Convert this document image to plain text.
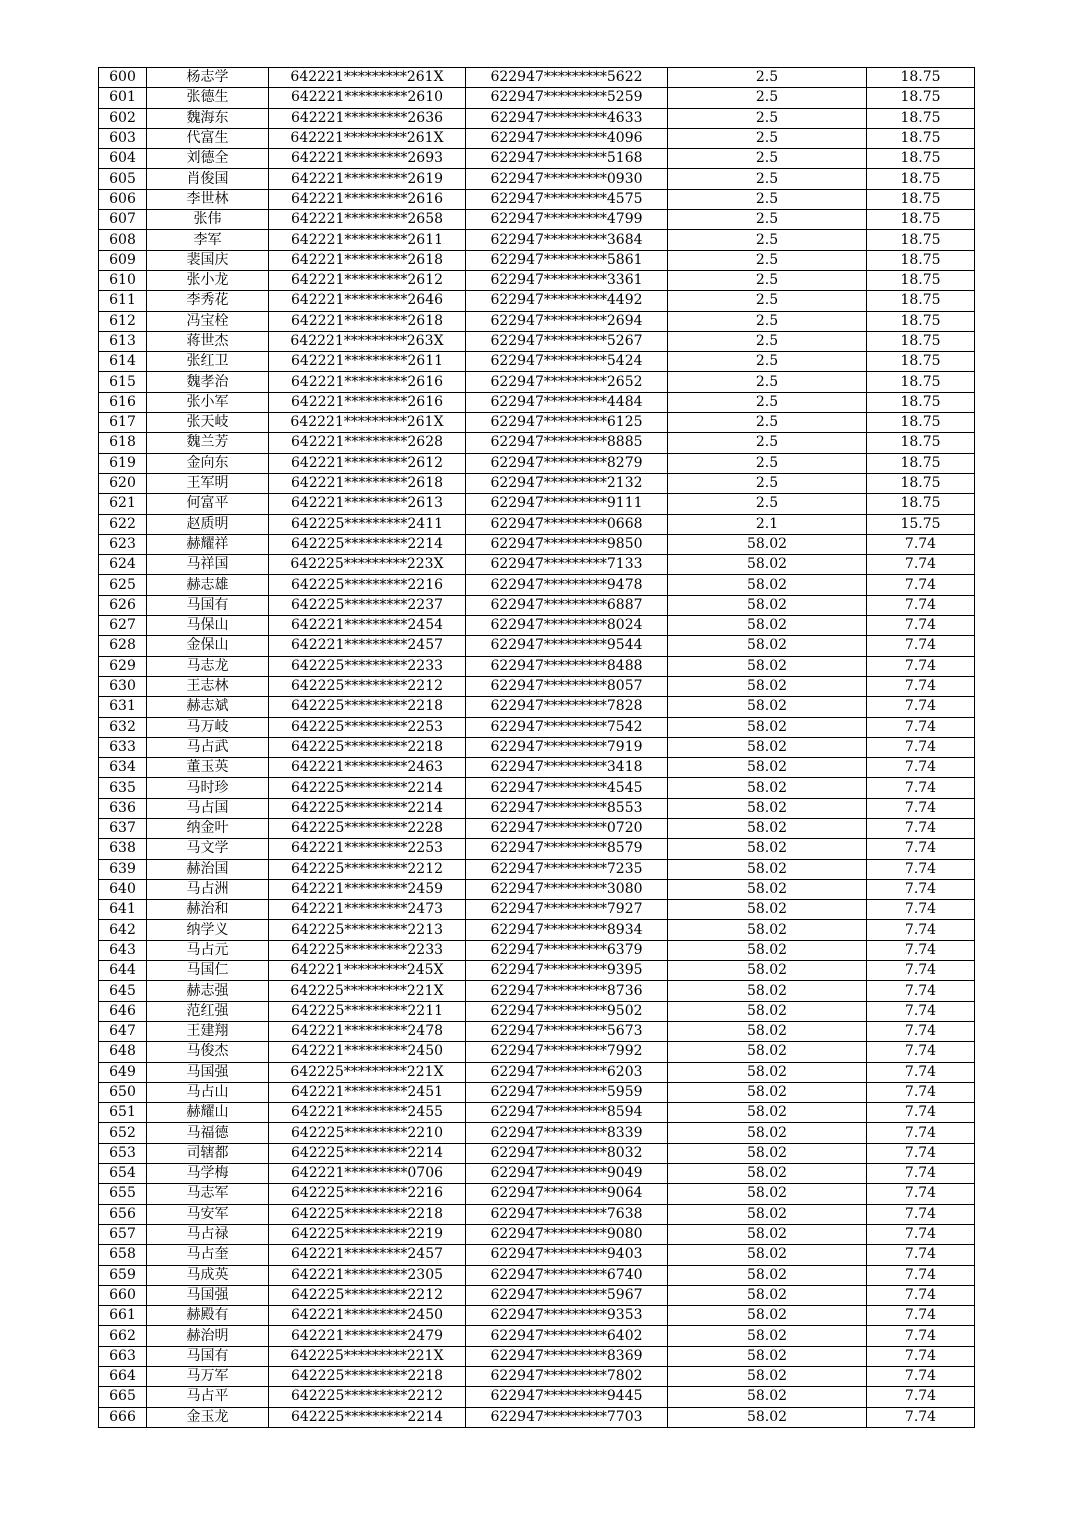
600	杨志学	642221*********261X	622947*********5622	2.5	18.75
601	张德生	642221*********2610	622947*********5259	2.5	18.75
602	魏海东	642221*********2636	622947*********4633	2.5	18.75
603	代富生	642221*********261X	622947*********4096	2.5	18.75
604	刘德全	642221*********2693	622947*********5168	2.5	18.75
605	肖俊国	642221*********2619	622947*********0930	2.5	18.75
606	李世林	642221*********2616	622947*********4575	2.5	18.75
607	张伟	642221*********2658	622947*********4799	2.5	18.75
608	李军	642221*********2611	622947*********3684	2.5	18.75
609	裴国庆	642221*********2618	622947*********5861	2.5	18.75
610	张小龙	642221*********2612	622947*********3361	2.5	18.75
611	李秀花	642221*********2646	622947*********4492	2.5	18.75
612	冯宝栓	642221*********2618	622947*********2694	2.5	18.75
613	蒋世杰	642221*********263X	622947*********5267	2.5	18.75
614	张红卫	642221*********2611	622947*********5424	2.5	18.75
615	魏孝治	642221*********2616	622947*********2652	2.5	18.75
616	张小军	642221*********2616	622947*********4484	2.5	18.75
617	张天岐	642221*********261X	622947*********6125	2.5	18.75
618	魏兰芳	642221*********2628	622947*********8885	2.5	18.75
619	金向东	642221*********2612	622947*********8279	2.5	18.75
620	王军明	642221*********2618	622947*********2132	2.5	18.75
621	何富平	642221*********2613	622947*********9111	2.5	18.75
622	赵质明	642225*********2411	622947*********0668	2.1	15.75
623	赫耀祥	642225*********2214	622947*********9850	58.02	7.74
624	马祥国	642225*********223X	622947*********7133	58.02	7.74
625	赫志雄	642225*********2216	622947*********9478	58.02	7.74
626	马国有	642225*********2237	622947*********6887	58.02	7.74
627	马保山	642221*********2454	622947*********8024	58.02	7.74
628	金保山	642221*********2457	622947*********9544	58.02	7.74
629	马志龙	642225*********2233	622947*********8488	58.02	7.74
630	王志林	642225*********2212	622947*********8057	58.02	7.74
631	赫志斌	642225*********2218	622947*********7828	58.02	7.74
632	马万岐	642225*********2253	622947*********7542	58.02	7.74
633	马占武	642225*********2218	622947*********7919	58.02	7.74
634	董玉英	642221*********2463	622947*********3418	58.02	7.74
635	马时珍	642225*********2214	622947*********4545	58.02	7.74
636	马占国	642225*********2214	622947*********8553	58.02	7.74
637	纳金叶	642225*********2228	622947*********0720	58.02	7.74
638	马文学	642221*********2253	622947*********8579	58.02	7.74
639	赫治国	642225*********2212	622947*********7235	58.02	7.74
640	马占洲	642221*********2459	622947*********3080	58.02	7.74
641	赫治和	642221*********2473	622947*********7927	58.02	7.74
642	纳学义	642225*********2213	622947*********8934	58.02	7.74
643	马占元	642225*********2233	622947*********6379	58.02	7.74
644	马国仁	642221*********245X	622947*********9395	58.02	7.74
645	赫志强	642225*********221X	622947*********8736	58.02	7.74
646	范红强	642225*********2211	622947*********9502	58.02	7.74
647	王建翔	642221*********2478	622947*********5673	58.02	7.74
648	马俊杰	642221*********2450	622947*********7992	58.02	7.74
649	马国强	642225*********221X	622947*********6203	58.02	7.74
650	马占山	642221*********2451	622947*********5959	58.02	7.74
651	赫耀山	642221*********2455	622947*********8594	58.02	7.74
652	马福德	642225*********2210	622947*********8339	58.02	7.74
653	司辖都	642225*********2214	622947*********8032	58.02	7.74
654	马学梅	642221*********0706	622947*********9049	58.02	7.74
655	马志军	642225*********2216	622947*********9064	58.02	7.74
656	马安军	642225*********2218	622947*********7638	58.02	7.74
657	马占禄	642225*********2219	622947*********9080	58.02	7.74
658	马占奎	642221*********2457	622947*********9403	58.02	7.74
659	马成英	642221*********2305	622947*********6740	58.02	7.74
660	马国强	642225*********2212	622947*********5967	58.02	7.74
661	赫殿有	642221*********2450	622947*********9353	58.02	7.74
662	赫治明	642221*********2479	622947*********6402	58.02	7.74
663	马国有	642225*********221X	622947*********8369	58.02	7.74
664	马万军	642225*********2218	622947*********7802	58.02	7.74
665	马占平	642225*********2212	622947*********9445	58.02	7.74
666	金玉龙	642225*********2214	622947*********7703	58.02	7.74
